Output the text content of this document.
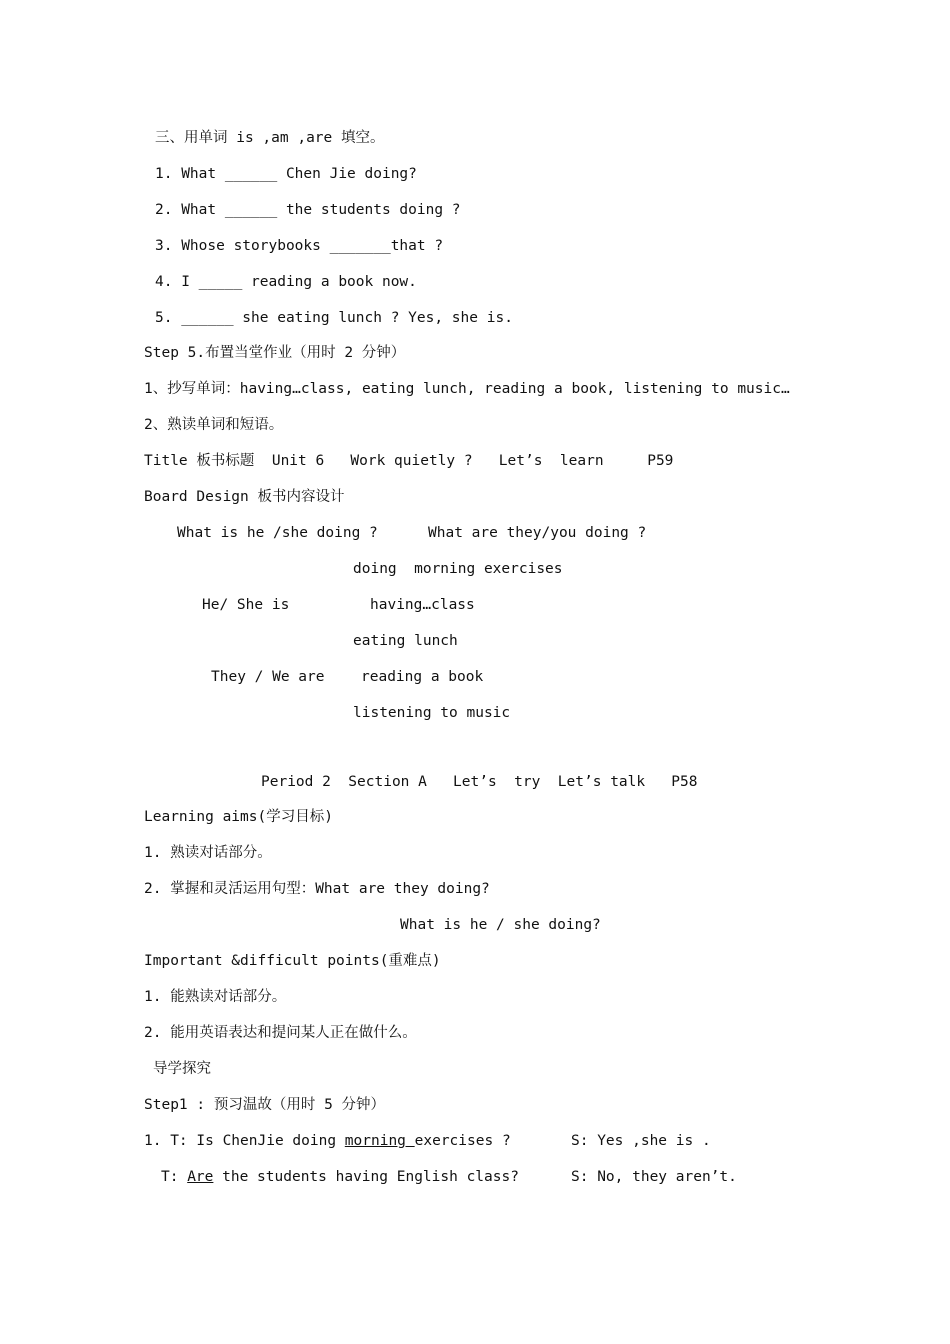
三、用单词 is ,am ,are 填空。
1. What ______ Chen Jie doing?
2. What ______ the students doing ?
3. Whose storybooks _______that ?
4. I _____ reading a book now.
5. ______ she eating lunch ? Yes, she is.
Step 5.布置当堂作业（用时 2 分钟）
1、抄写单词：having…class, eating lunch, reading a book, listening to music…
2、熟读单词和短语。
Title 板书标题  Unit 6   Work quietly ?   Let’s  learn     P59
Board Design 板书内容设计
What is he /she doing ?	What are they/you doing ?
doing  morning exercises
He/ She is	having…class
eating lunch
They / We are	reading a book
listening to music
Period 2  Section A   Let’s  try  Let’s talk   P58
Learning aims(学习目标)
1. 熟读对话部分。
2. 掌握和灵活运用句型：What are they doing?
What is he / she doing?
Important &difficult points(重难点)
1. 能熟读对话部分。
2. 能用英语表达和提问某人正在做什么。
导学探究
Step1 : 预习温故（用时 5 分钟）
1. T: Is ChenJie doing morning exercises ?	S: Yes ,she is .
T: Are the students having English class?	S: No, they aren’t.
